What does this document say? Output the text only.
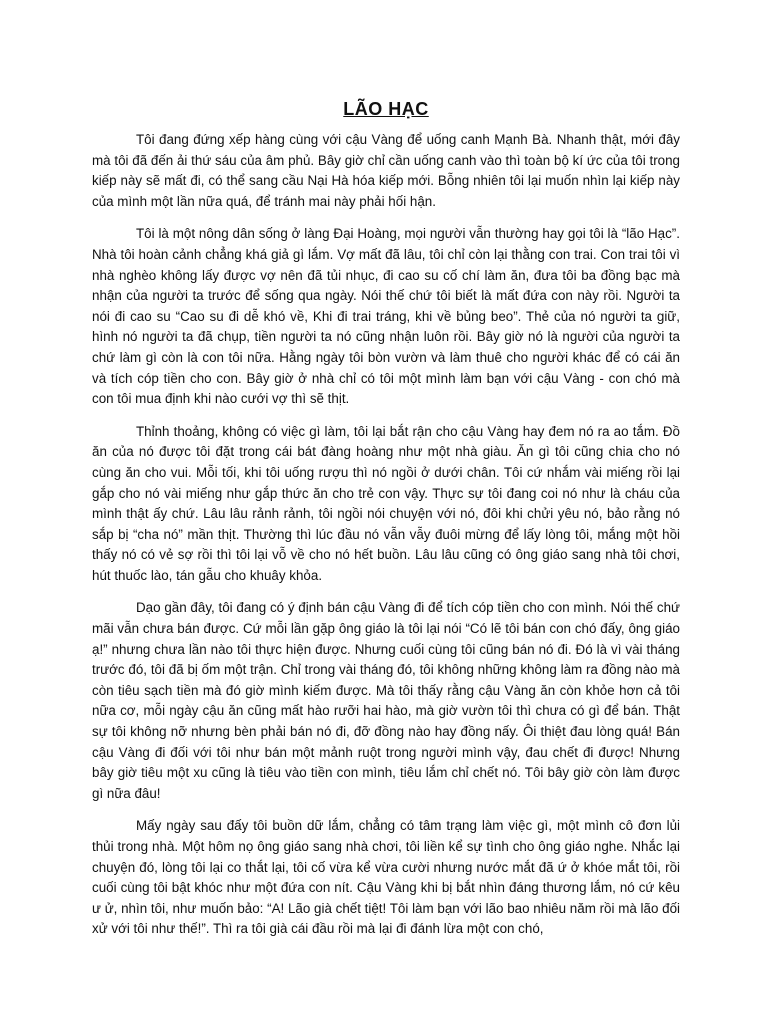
LÃO HẠC

Tôi đang đứng xếp hàng cùng với cậu Vàng để uống canh Mạnh Bà. Nhanh thật, mới đây mà tôi đã đến ải thứ sáu của âm phủ. Bây giờ chỉ cần uống canh vào thì toàn bộ kí ức của tôi trong kiếp này sẽ mất đi, có thể sang cầu Nại Hà hóa kiếp mới. Bỗng nhiên tôi lại muốn nhìn lại kiếp này của mình một lần nữa quá, để tránh mai này phải hối hận.

Tôi là một nông dân sống ở làng Đại Hoàng, mọi người vẫn thường hay gọi tôi là “lão Hạc”. Nhà tôi hoàn cảnh chẳng khá giả gì lắm. Vợ mất đã lâu, tôi chỉ còn lại thằng con trai. Con trai tôi vì nhà nghèo không lấy được vợ nên đã tủi nhục, đi cao su cố chí làm ăn, đưa tôi ba đồng bạc mà nhận của người ta trước để sống qua ngày. Nói thế chứ tôi biết là mất đứa con này rồi. Người ta nói đi cao su “Cao su đi dễ khó về, Khi đi trai tráng, khi về bủng beo”. Thẻ của nó người ta giữ, hình nó người ta đã chụp, tiền người ta nó cũng nhận luôn rồi. Bây giờ nó là người của người ta chứ làm gì còn là con tôi nữa. Hằng ngày tôi bòn vườn và làm thuê cho người khác để có cái ăn và tích cóp tiền cho con. Bây giờ ở nhà chỉ có tôi một mình làm bạn với cậu Vàng - con chó mà con tôi mua định khi nào cưới vợ thì sẽ thịt.

Thỉnh thoảng, không có việc gì làm, tôi lại bắt rận cho cậu Vàng hay đem nó ra ao tắm. Đồ ăn của nó được tôi đặt trong cái bát đàng hoàng như một nhà giàu. Ăn gì tôi cũng chia cho nó cùng ăn cho vui. Mỗi tối, khi tôi uống rượu thì nó ngồi ở dưới chân. Tôi cứ nhắm vài miếng rồi lại gắp cho nó vài miếng như gắp thức ăn cho trẻ con vậy. Thực sự tôi đang coi nó như là cháu của mình thật ấy chứ. Lâu lâu rảnh rảnh, tôi ngồi nói chuyện với nó, đôi khi chửi yêu nó, bảo rằng nó sắp bị “cha nó” mần thịt. Thường thì lúc đầu nó vẫn vẫy đuôi mừng để lấy lòng tôi, mắng một hồi thấy nó có vẻ sợ rồi thì tôi lại vỗ về cho nó hết buồn. Lâu lâu cũng có ông giáo sang nhà tôi chơi, hút thuốc lào, tán gẫu cho khuây khỏa.

Dạo gần đây, tôi đang có ý định bán cậu Vàng đi để tích cóp tiền cho con mình. Nói thế chứ mãi vẫn chưa bán được. Cứ mỗi lần gặp ông giáo là tôi lại nói “Có lẽ tôi bán con chó đấy, ông giáo ạ!” nhưng chưa lần nào tôi thực hiện được. Nhưng cuối cùng tôi cũng bán nó đi. Đó là vì vài tháng trước đó, tôi đã bị ốm một trận. Chỉ trong vài tháng đó, tôi không những không làm ra đồng nào mà còn tiêu sạch tiền mà đó giờ mình kiếm được. Mà tôi thấy rằng cậu Vàng ăn còn khỏe hơn cả tôi nữa cơ, mỗi ngày cậu ăn cũng mất hào rưỡi hai hào, mà giờ vườn tôi thì chưa có gì để bán. Thật sự tôi không nỡ nhưng bèn phải bán nó đi, đỡ đồng nào hay đồng nấy. Ôi thiệt đau lòng quá! Bán cậu Vàng đi đối với tôi như bán một mảnh ruột trong người mình vậy, đau chết đi được! Nhưng bây giờ tiêu một xu cũng là tiêu vào tiền con mình, tiêu lắm chỉ chết nó. Tôi bây giờ còn làm được gì nữa đâu!

Mấy ngày sau đấy tôi buồn dữ lắm, chẳng có tâm trạng làm việc gì, một mình cô đơn lủi thủi trong nhà. Một hôm nọ ông giáo sang nhà chơi, tôi liền kể sự tình cho ông giáo nghe. Nhắc lại chuyện đó, lòng tôi lại co thắt lại, tôi cố vừa kể vừa cười nhưng nước mắt đã ứ ở khóe mắt tôi, rồi cuối cùng tôi bật khóc như một đứa con nít. Cậu Vàng khi bị bắt nhìn đáng thương lắm, nó cứ kêu ư ử, nhìn tôi, như muốn bảo: “A! Lão già chết tiệt! Tôi làm bạn với lão bao nhiêu năm rồi mà lão đối xử với tôi như thế!”. Thì ra tôi già cái đầu rồi mà lại đi đánh lừa một con chó,
